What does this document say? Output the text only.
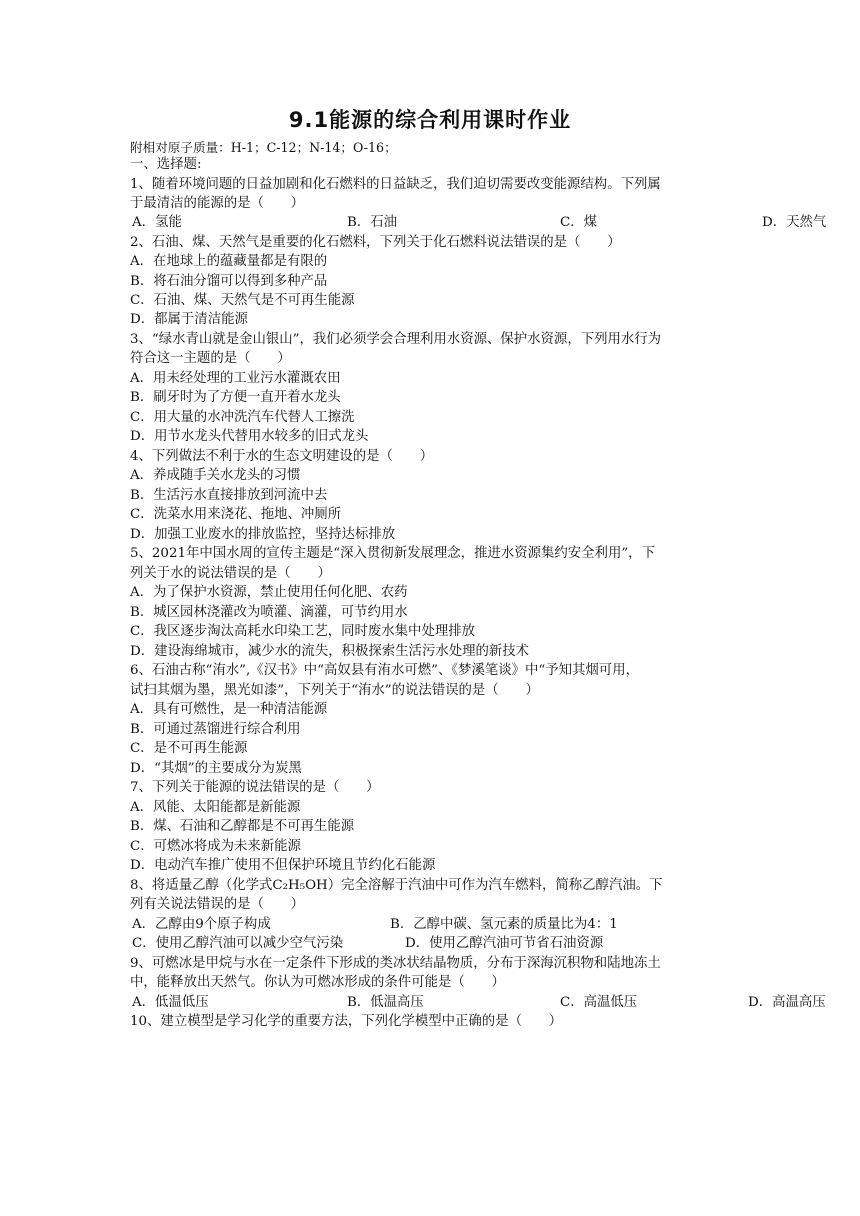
9.1能源的综合利用课时作业
附相对原子质量：H-1；C-12；N-14；O-16；
一、选择题:
1、随着环境问题的日益加剧和化石燃料的日益缺乏，我们迫切需要改变能源结构。下列属
于最清洁的能源的是（　　）
A．氢能	B．石油	C．煤	D．天然气
2、石油、煤、天然气是重要的化石燃料，下列关于化石燃料说法错误的是（　　）
A．在地球上的蕴藏量都是有限的
B．将石油分馏可以得到多种产品
C．石油、煤、天然气是不可再生能源
D．都属于清洁能源
3、“绿水青山就是金山银山”，我们必须学会合理利用水资源、保护水资源，下列用水行为
符合这一主题的是（　　）
A．用未经处理的工业污水灌溉农田
B．刷牙时为了方便一直开着水龙头
C．用大量的水冲洗汽车代替人工擦洗
D．用节水龙头代替用水较多的旧式龙头
4、下列做法不利于水的生态文明建设的是（　　）
A．养成随手关水龙头的习惯
B．生活污水直接排放到河流中去
C．洗菜水用来浇花、拖地、冲厕所
D．加强工业废水的排放监控，坚持达标排放
5、2021年中国水周的宣传主题是“深入贯彻新发展理念，推进水资源集约安全利用”，下
列关于水的说法错误的是（　　）
A．为了保护水资源，禁止使用任何化肥、农药
B．城区园林浇灌改为喷灌、滴灌，可节约用水
C．我区逐步淘汰高耗水印染工艺，同时废水集中处理排放
D．建设海绵城市，减少水的流失，积极探索生活污水处理的新技术
6、石油古称“洧水”,《汉书》中“高奴县有洧水可燃”、《梦溪笔谈》中“予知其烟可用，
试扫其烟为墨，黑光如漆”，下列关于“洧水”的说法错误的是（　　）
A．具有可燃性，是一种清洁能源
B．可通过蒸馏进行综合利用
C．是不可再生能源
D．“其烟”的主要成分为炭黑
7、下列关于能源的说法错误的是（　　）
A．风能、太阳能都是新能源
B．煤、石油和乙醇都是不可再生能源
C．可燃冰将成为未来新能源
D．电动汽车推广使用不但保护环境且节约化石能源
8、将适量乙醇（化学式C₂H₅OH）完全溶解于汽油中可作为汽车燃料，简称乙醇汽油。下
列有关说法错误的是（　　）
A．乙醇由9个原子构成	B．乙醇中碳、氢元素的质量比为4：1
C．使用乙醇汽油可以减少空气污染	D．使用乙醇汽油可节省石油资源
9、可燃冰是甲烷与水在一定条件下形成的类冰状结晶物质，分布于深海沉积物和陆地冻土
中，能释放出天然气。你认为可燃冰形成的条件可能是（　　）
A．低温低压	B．低温高压	C．高温低压	D．高温高压
10、建立模型是学习化学的重要方法，下列化学模型中正确的是（　　）
